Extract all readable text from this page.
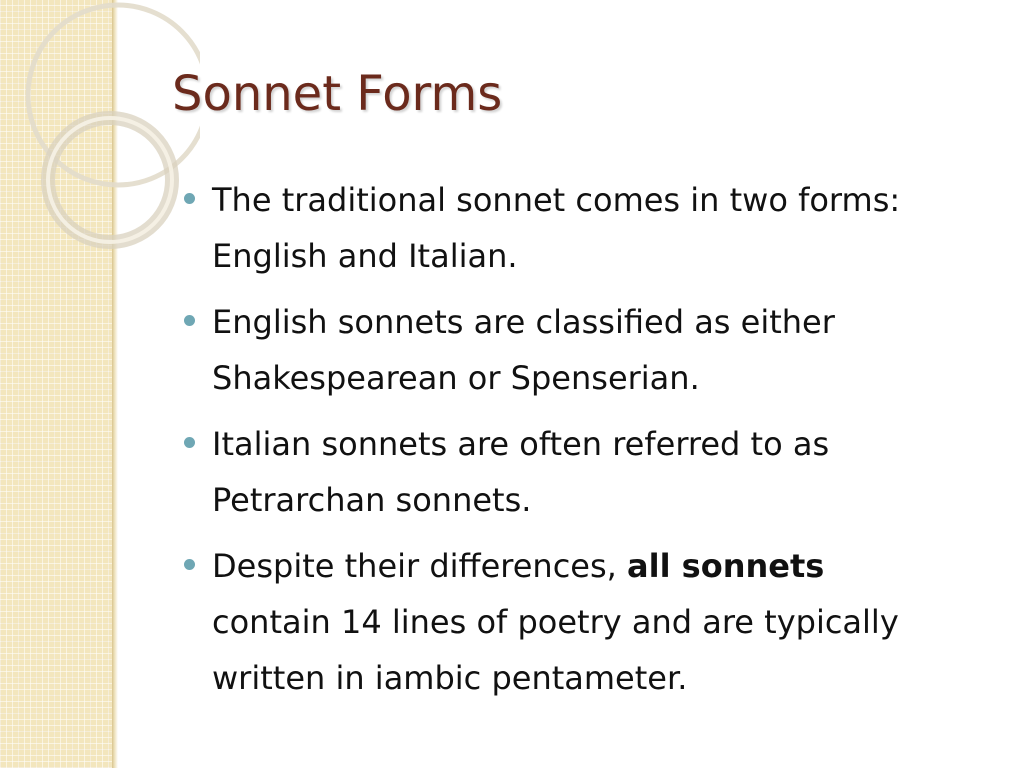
Sonnet Forms
The traditional sonnet comes in two forms: English and Italian.
English sonnets are classified as either Shakespearean or Spenserian.
Italian sonnets are often referred to as Petrarchan sonnets.
Despite their differences, all sonnets contain 14 lines of poetry and are typically written in iambic pentameter.
